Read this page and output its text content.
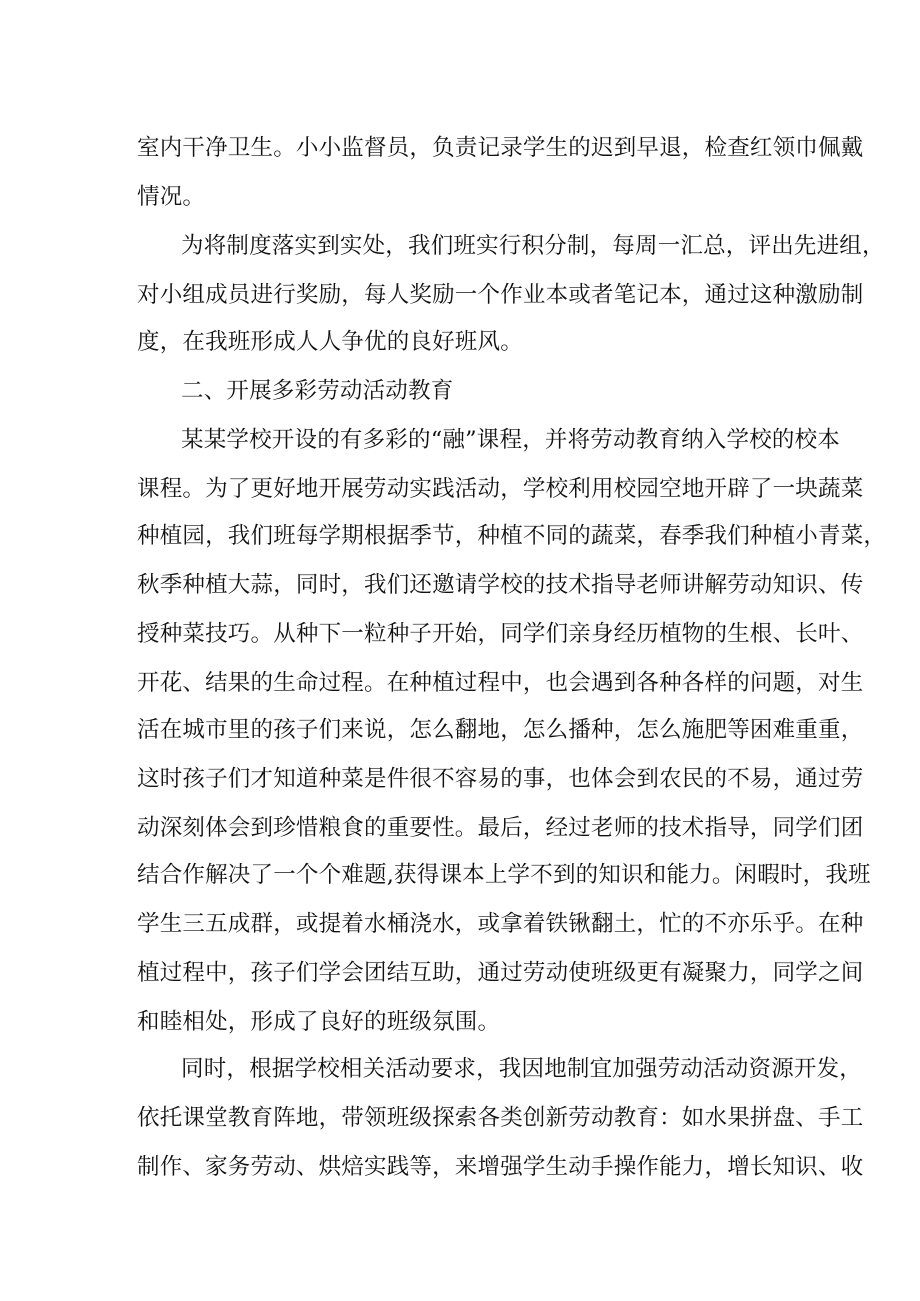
室内干净卫生。小小监督员，负责记录学生的迟到早退，检查红领巾佩戴
情况。
为将制度落实到实处，我们班实行积分制，每周一汇总，评出先进组，
对小组成员进行奖励，每人奖励一个作业本或者笔记本，通过这种激励制
度，在我班形成人人争优的良好班风。
二、开展多彩劳动活动教育
某某学校开设的有多彩的“融”课程，并将劳动教育纳入学校的校本
课程。为了更好地开展劳动实践活动，学校利用校园空地开辟了一块蔬菜
种植园，我们班每学期根据季节，种植不同的蔬菜，春季我们种植小青菜，
秋季种植大蒜，同时，我们还邀请学校的技术指导老师讲解劳动知识、传
授种菜技巧。从种下一粒种子开始，同学们亲身经历植物的生根、长叶、
开花、结果的生命过程。在种植过程中，也会遇到各种各样的问题，对生
活在城市里的孩子们来说，怎么翻地，怎么播种，怎么施肥等困难重重，
这时孩子们才知道种菜是件很不容易的事，也体会到农民的不易，通过劳
动深刻体会到珍惜粮食的重要性。最后，经过老师的技术指导，同学们团
结合作解决了一个个难题,获得课本上学不到的知识和能力。闲暇时，我班
学生三五成群，或提着水桶浇水，或拿着铁锹翻土，忙的不亦乐乎。在种
植过程中，孩子们学会团结互助，通过劳动使班级更有凝聚力，同学之间
和睦相处，形成了良好的班级氛围。
同时，根据学校相关活动要求，我因地制宜加强劳动活动资源开发，
依托课堂教育阵地，带领班级探索各类创新劳动教育：如水果拼盘、手工
制作、家务劳动、烘焙实践等，来增强学生动手操作能力，增长知识、收
